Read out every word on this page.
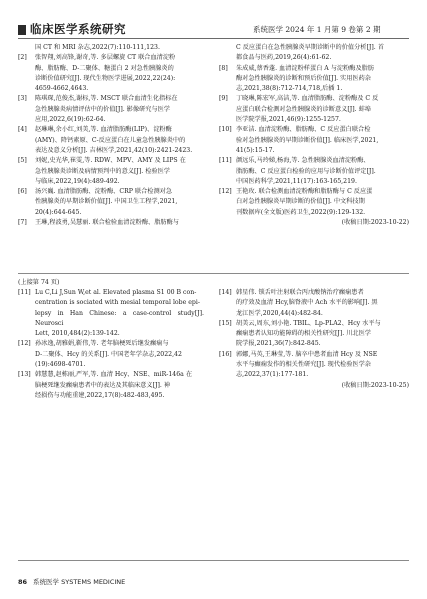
临床医学系统研究	系统医学 2024 年 1 月第 9 卷第 2 期

国 CT 和 MRI 杂志,2022(7):110-111,123.

[2] 张智翔,刘高锋,谢奇,等. 多层螺旋 CT 联合血清淀粉
酶、脂肪酶、D-二聚体、糖蛋白 2 对急性胰腺炎的
诊断价值研究[J]. 现代生物医学进展,2022,22(24):
4659-4662,4643.
[3] 陈琪琛,范俊杰,谢标,等. MSCT 联合血清生化指标在
急性胰腺炎病情评估中的价值[J]. 影像研究与医学
应用,2022,6(19):62-64.
[4] 赵琳琳,余小红,刘美,等. 血清脂肪酶(LIP)、淀粉酶
(AMY)、降钙素原、C-反应蛋白在儿童急性胰腺炎中的
表达及意义分析[J]. 吉林医学,2021,42(10):2421-2423.
[5] 刘妮,史光华,崔雯,等. RDW、MPV、AMY 及 LIPS 在
急性胰腺炎诊断及病情预判中的意义[J]. 检验医学
与临床,2022,19(4):489-492.
[6] 汤兴巍. 血清脂肪酶、淀粉酶、CRP 联合检测对急
性胰腺炎的早期诊断价值[J]. 中国卫生工程学,2021,
20(4):644-645.
[7] 王琳,程波勇,吴慧丽. 联合检验血清淀粉酶、脂肪酶与

C 反应蛋白在急性胰腺炎早期诊断中的价值分析[J]. 首
都食品与医药,2019,26(4):61-62.

[8] 朱成威,蔡香蓬. 血清淀粉样蛋白 A 与淀粉酶及脂肪
酶对急性胰腺炎的诊断和预后价值[J]. 实用医药杂
志,2021,38(8):712-714,718,后插 1.
[9] 丁晓琳,陈宏军,高洁,等. 血清脂肪酶、淀粉酶及 C 反
应蛋白联合检测对急性胰腺炎的诊断意义[J]. 蚌埠
医学院学报,2021,46(9):1255-1257.
[10] 李亚洁. 血清淀粉酶、脂肪酶、C 反应蛋白联合检
验对急性胰腺炎的早期诊断价值[J]. 临床医学,2021,
41(5):15-17.
[11] 颜远乐,马玲娣,杨海,等. 急性胰腺炎血清淀粉酶、
脂肪酶、C 反应蛋白检验的应用与诊断价值评定[J].
中国医药科学,2021,11(17):163-165,219.
[12] 王艳玫. 联合检测血清淀粉酶和脂肪酶与 C 反应蛋
白对急性胰腺炎早期诊断的价值[J]. 中文科技期
刊数据库(全文版)医药卫生,2022(9):129-132.

(收稿日期:2023-10-22)

(上接第 74 页)
[11] Lu C,Li J,Sun W,et al. Elevated plasma S1 00 B con-
centration is sociated with mesial temporal lobe epi-
lepsy in Han Chinese: a case-control study[J]. Neurosci
Lett, 2010,484(2):139-142.
[12] 孙冰逸,胡雅娟,靳伟,等. 老年脑梗死后继发癫痫与
D-二聚体、Hcy 的关系[J]. 中国老年学杂志,2022,42
(19):4698-4701.
[13] 韩慧慧,赵栋丽,严军,等. 血清 Hcy、NSE、miR-146a 在
脑梗死继发癫痫患者中的表达及其临床意义[J]. 神
经损伤与功能重建,2022,17(8):482-483,495.
[14] 韩星伟. 锁舌叶注射联合丙戊酸钠治疗癫痫患者
的疗效及血清 Hcy,脑脊液中 Ach 水平的影响[J]. 黑
龙江医学,2020,44(4):482-84.
[15] 胡美云,周东,刘小艳. TBIL、Lp-PLA2、Hcy 水平与
癫痫患者认知功能障碍的相关性研究[J]. 川北医学
院学报,2021,36(7):842-845.
[16] 郭娜,马英,王琳莹,等. 脑卒中患者血清 Hcy 及 NSE
水平与癫痫发作的相关性研究[J]. 现代检验医学杂
志,2022,37(1):177-181.

(收稿日期:2023-10-25)

86 系统医学 SYSTEMS MEDICINE
